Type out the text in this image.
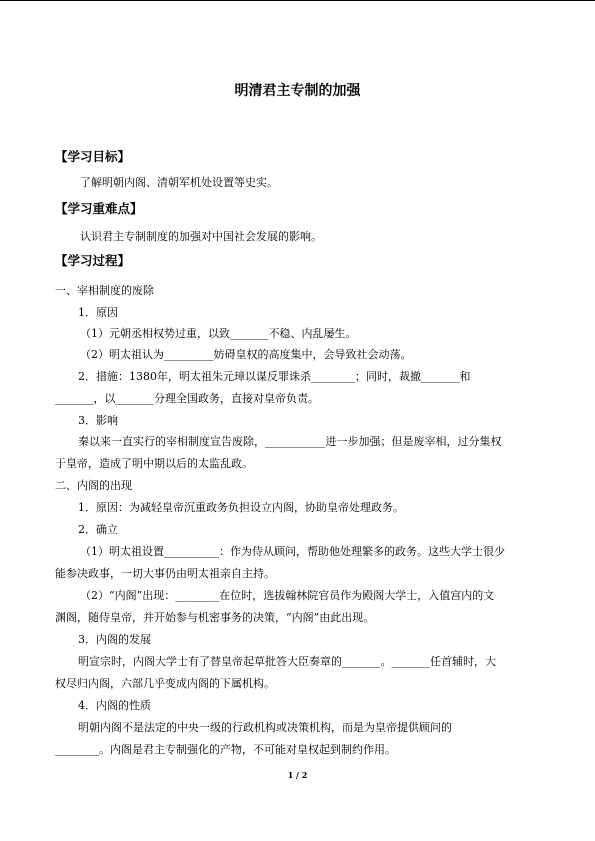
明清君主专制的加强
【学习目标】
了解明朝内阁、清朝军机处设置等史实。
【学习重难点】
认识君主专制制度的加强对中国社会发展的影响。
【学习过程】
一、宰相制度的废除
1．原因
（1）元朝丞相权势过重，以致_______不稳、内乱屡生。
（2）明太祖认为_________妨碍皇权的高度集中，会导致社会动荡。
2．措施：1380年，明太祖朱元璋以谋反罪诛杀________；同时，裁撤_______和
_______，以_______分理全国政务，直接对皇帝负责。
3．影响
秦以来一直实行的宰相制度宣告废除，___________进一步加强；但是废宰相，过分集权
于皇帝，造成了明中期以后的太监乱政。
二、内阁的出现
1．原因：为减轻皇帝沉重政务负担设立内阁，协助皇帝处理政务。
2．确立
（1）明太祖设置__________：作为侍从顾问，帮助他处理繁多的政务。这些大学士很少
能参决政事，一切大事仍由明太祖亲自主持。
（2）“内阁”出现：________在位时，选拔翰林院官员作为殿阁大学士，入值宫内的文
渊阁，随侍皇帝，并开始参与机密事务的决策，“内阁”由此出现。
3．内阁的发展
明宣宗时，内阁大学士有了替皇帝起草批答大臣奏章的_______。_______任首辅时，大
权尽归内阁，六部几乎变成内阁的下属机构。
4．内阁的性质
明朝内阁不是法定的中央一级的行政机构或决策机构，而是为皇帝提供顾问的
________。内阁是君主专制强化的产物，不可能对皇权起到制约作用。
1 / 2
